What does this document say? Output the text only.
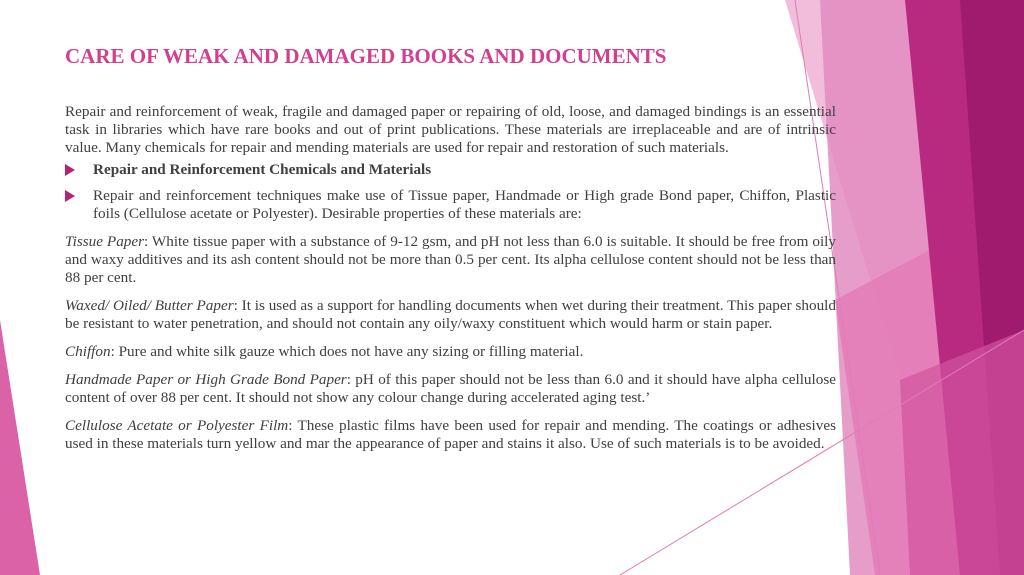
CARE OF WEAK AND DAMAGED BOOKS AND DOCUMENTS

Repair and reinforcement of weak, fragile and damaged paper or repairing of old, loose, and damaged bindings is an essential task in libraries which have rare books and out of print publications. These materials are irreplaceable and are of intrinsic value. Many chemicals for repair and mending materials are used for repair and restoration of such materials.

Repair and Reinforcement Chemicals and Materials
Repair and reinforcement techniques make use of Tissue paper, Handmade or High grade Bond paper, Chiffon, Plastic foils (Cellulose acetate or Polyester). Desirable properties of these materials are:

Tissue Paper: White tissue paper with a substance of 9-12 gsm, and pH not less than 6.0 is suitable. It should be free from oily and waxy additives and its ash content should not be more than 0.5 per cent. Its alpha cellulose content should not be less than 88 per cent.

Waxed/ Oiled/ Butter Paper: It is used as a support for handling documents when wet during their treatment. This paper should be resistant to water penetration, and should not contain any oily/waxy constituent which would harm or stain paper.

Chiffon: Pure and white silk gauze which does not have any sizing or filling material.

Handmade Paper or High Grade Bond Paper: pH of this paper should not be less than 6.0 and it should have alpha cellulose content of over 88 per cent. It should not show any colour change during accelerated aging test.’

Cellulose Acetate or Polyester Film: These plastic films have been used for repair and mending. The coatings or adhesives used in these materials turn yellow and mar the appearance of paper and stains it also. Use of such materials is to be avoided.
